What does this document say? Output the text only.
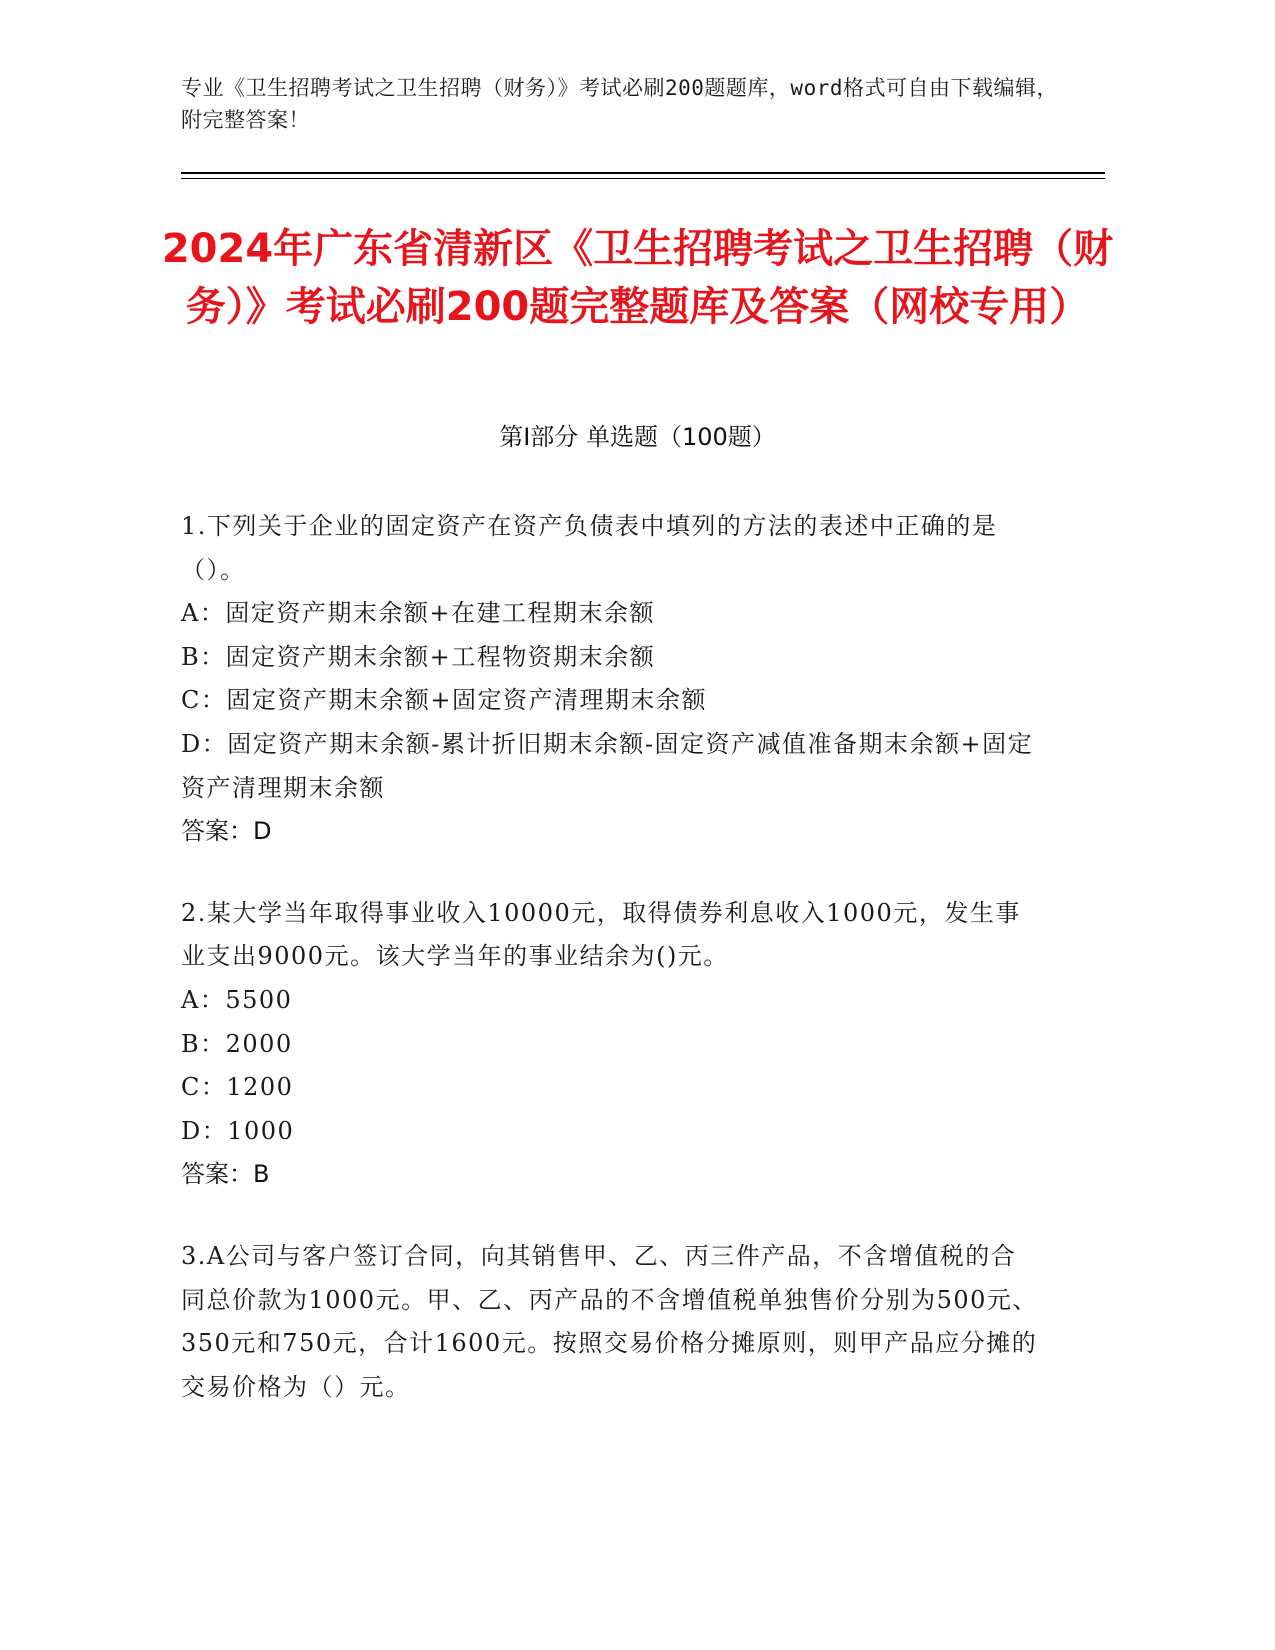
专业《卫生招聘考试之卫生招聘（财务）》考试必刷200题题库，word格式可自由下载编辑，附完整答案！
2024年广东省清新区《卫生招聘考试之卫生招聘（财务）》考试必刷200题完整题库及答案（网校专用）
第Ⅰ部分 单选题（100题）
1.下列关于企业的固定资产在资产负债表中填列的方法的表述中正确的是（）。
A：固定资产期末余额+在建工程期末余额
B：固定资产期末余额+工程物资期末余额
C：固定资产期末余额+固定资产清理期末余额
D：固定资产期末余额-累计折旧期末余额-固定资产减值准备期末余额+固定资产清理期末余额
答案：D
2.某大学当年取得事业收入10000元，取得债券利息收入1000元，发生事业支出9000元。该大学当年的事业结余为()元。
A：5500
B：2000
C：1200
D：1000
答案：B
3.A公司与客户签订合同，向其销售甲、乙、丙三件产品，不含增值税的合同总价款为1000元。甲、乙、丙产品的不含增值税单独售价分别为500元、350元和750元，合计1600元。按照交易价格分摊原则，则甲产品应分摊的交易价格为（）元。
